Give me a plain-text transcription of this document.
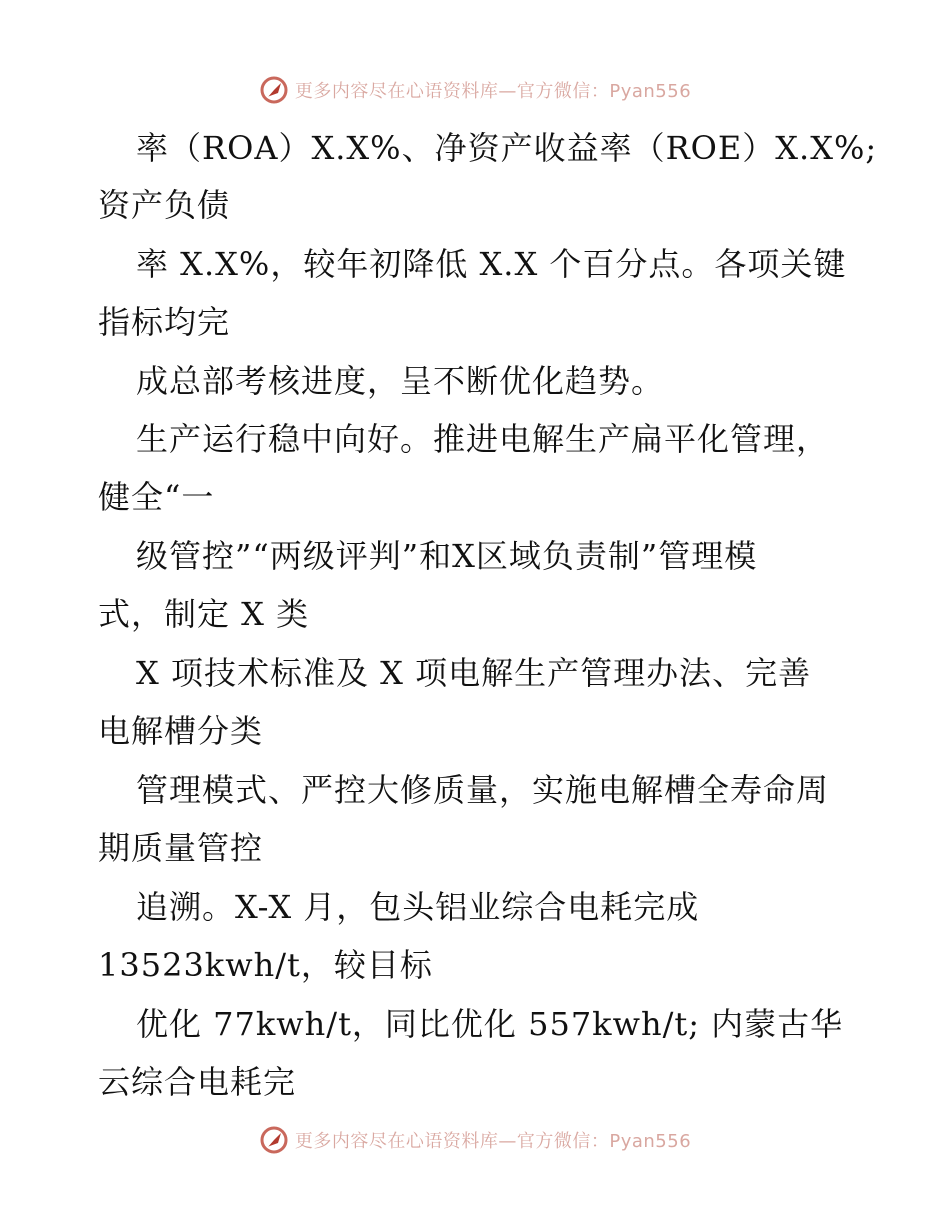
更多内容尽在心语资料库—官方微信：Pyan556
率（ROA）X.X%、净资产收益率（ROE）X.X%;
资产负债
率 X.X%，较年初降低 X.X 个百分点。各项关键
指标均完
成总部考核进度，呈不断优化趋势。
生产运行稳中向好。推进电解生产扁平化管理，
健全“一
级管控”“两级评判”和X区域负责制”管理模
式，制定 X 类
X 项技术标准及 X 项电解生产管理办法、完善
电解槽分类
管理模式、严控大修质量，实施电解槽全寿命周
期质量管控
追溯。X-X 月，包头铝业综合电耗完成
13523kwh/t，较目标
优化 77kwh/t，同比优化 557kwh/t; 内蒙古华
云综合电耗完
更多内容尽在心语资料库—官方微信：Pyan556
